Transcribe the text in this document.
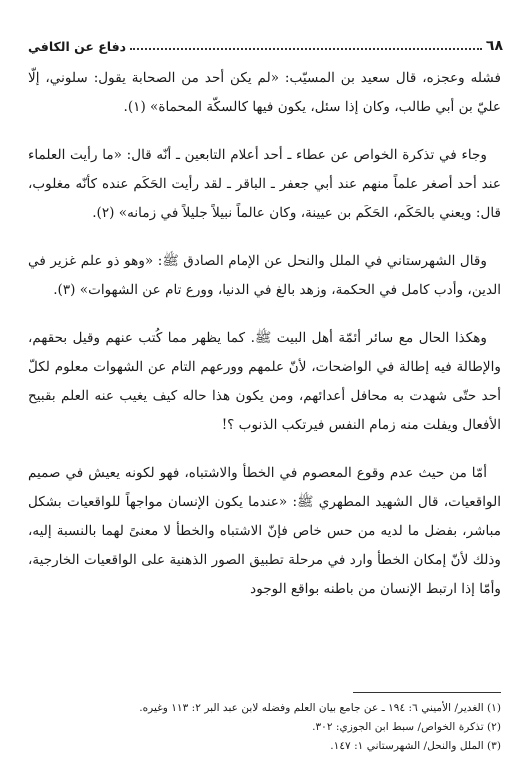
٦٨
دفاع عن الكافي

فشله وعجزه، قال سعيد بن المسيّب: «لم يكن أحد من الصحابة يقول: سلوني، إلّا عليّ بن أبي طالب، وكان إذا سئل، يكون فيها كالسكّة المحماة» (١).

وجاء في تذكرة الخواص عن عطاء ـ أحد أعلام التابعين ـ أنّه قال: «ما رأيت العلماء عند أحد أصغر علماً منهم عند أبي جعفر ـ الباقر ـ لقد رأيت الحَكَم عنده كأنّه مغلوب، قال: ويعني بالحَكَم، الحَكَم بن عيينة، وكان عالماً نبيلاً جليلاً في زمانه» (٢).

وقال الشهرستاني في الملل والنحل عن الإمام الصادق ﷺ: «وهو ذو علم غزير في الدين، وأدب كامل في الحكمة، وزهد بالغ في الدنيا، وورع تام عن الشهوات» (٣).

وهكذا الحال مع سائر أئمّة أهل البيت ﷺ. كما يظهر مما كُتب عنهم وقيل بحقهم، والإطالة فيه إطالة في الواضحات، لأنّ علمهم وورعهم التام عن الشهوات معلوم لكلّ أحد حتّى شهدت به محافل أعدائهم، ومن يكون هذا حاله كيف يغيب عنه العلم بقبيح الأفعال ويفلت منه زمام النفس فيرتكب الذنوب ؟!

أمّا من حيث عدم وقوع المعصوم في الخطأ والاشتباه، فهو لكونه يعيش في صميم الواقعيات، قال الشهيد المطهري ﷺ: «عندما يكون الإنسان مواجهاً للواقعيات بشكل مباشر، بفضل ما لديه من حس خاص فإنّ الاشتباه والخطأ لا معنىً لهما بالنسبة إليه، وذلك لأنّ إمكان الخطأ وارد في مرحلة تطبيق الصور الذهنية على الواقعيات الخارجية، وأمّا إذا ارتبط الإنسان من باطنه بواقع الوجود

(١) الغدير/ الأميني ٦: ١٩٤ ـ عن جامع بيان العلم وفضله لابن عبد البر ٢: ١١٣ وغيره.
(٢) تذكرة الخواص/ سبط ابن الجوزي: ٣٠٢.
(٣) الملل والنحل/ الشهرستاني ١: ١٤٧.
